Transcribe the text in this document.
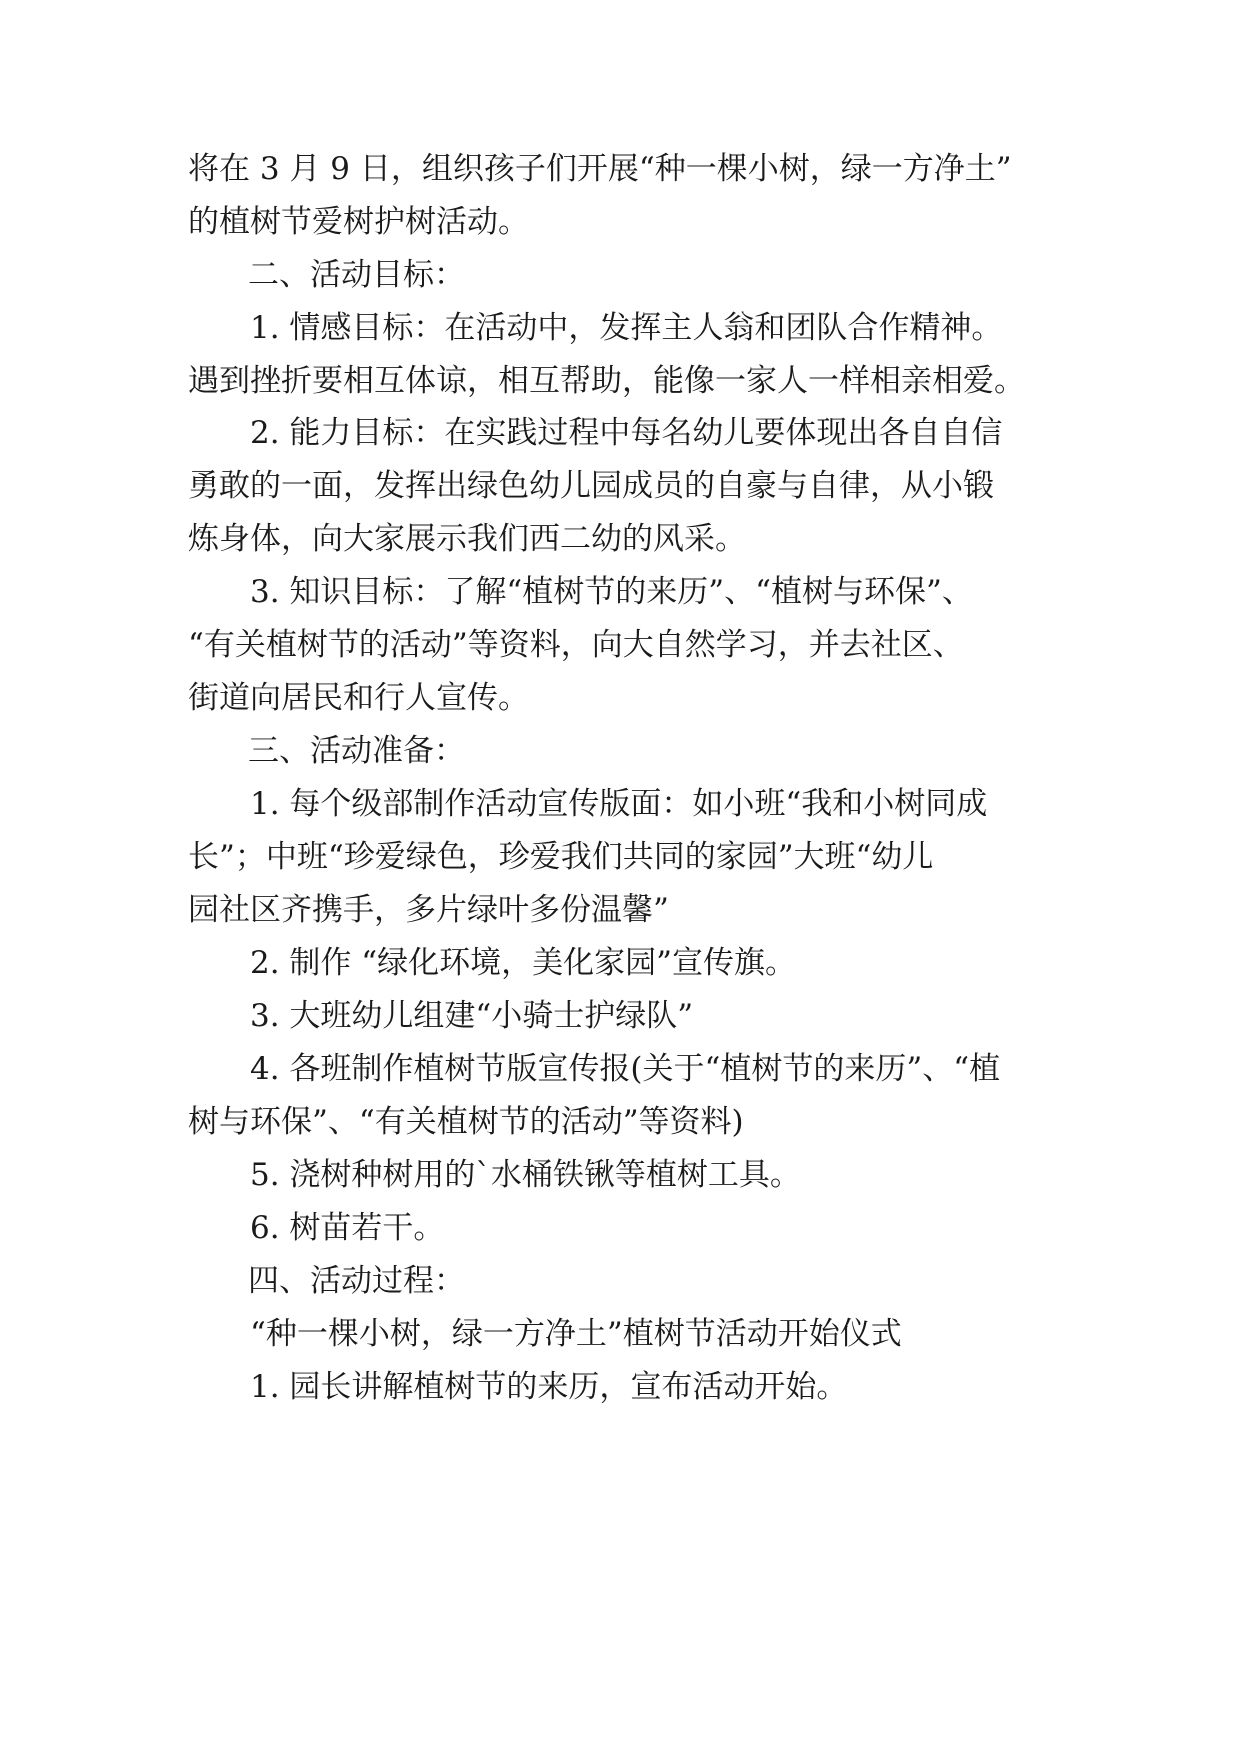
将在 3 月 9 日，组织孩子们开展“种一棵小树，绿一方净土”

的植树节爱树护树活动。

二、活动目标：

1. 情感目标：在活动中，发挥主人翁和团队合作精神。

遇到挫折要相互体谅，相互帮助，能像一家人一样相亲相爱。

2. 能力目标：在实践过程中每名幼儿要体现出各自自信

勇敢的一面，发挥出绿色幼儿园成员的自豪与自律，从小锻

炼身体，向大家展示我们西二幼的风采。

3. 知识目标：了解“植树节的来历”、“植树与环保”、

“有关植树节的活动”等资料，向大自然学习，并去社区、

街道向居民和行人宣传。

三、活动准备：

1. 每个级部制作活动宣传版面：如小班“我和小树同成

长”；中班“珍爱绿色，珍爱我们共同的家园”大班“幼儿

园社区齐携手，多片绿叶多份温馨”

2. 制作 “绿化环境，美化家园”宣传旗。

3. 大班幼儿组建“小骑士护绿队”

4. 各班制作植树节版宣传报(关于“植树节的来历”、“植

树与环保”、“有关植树节的活动”等资料)

5. 浇树种树用的`水桶铁锹等植树工具。

6. 树苗若干。

四、活动过程：

“种一棵小树，绿一方净土”植树节活动开始仪式

1. 园长讲解植树节的来历，宣布活动开始。
